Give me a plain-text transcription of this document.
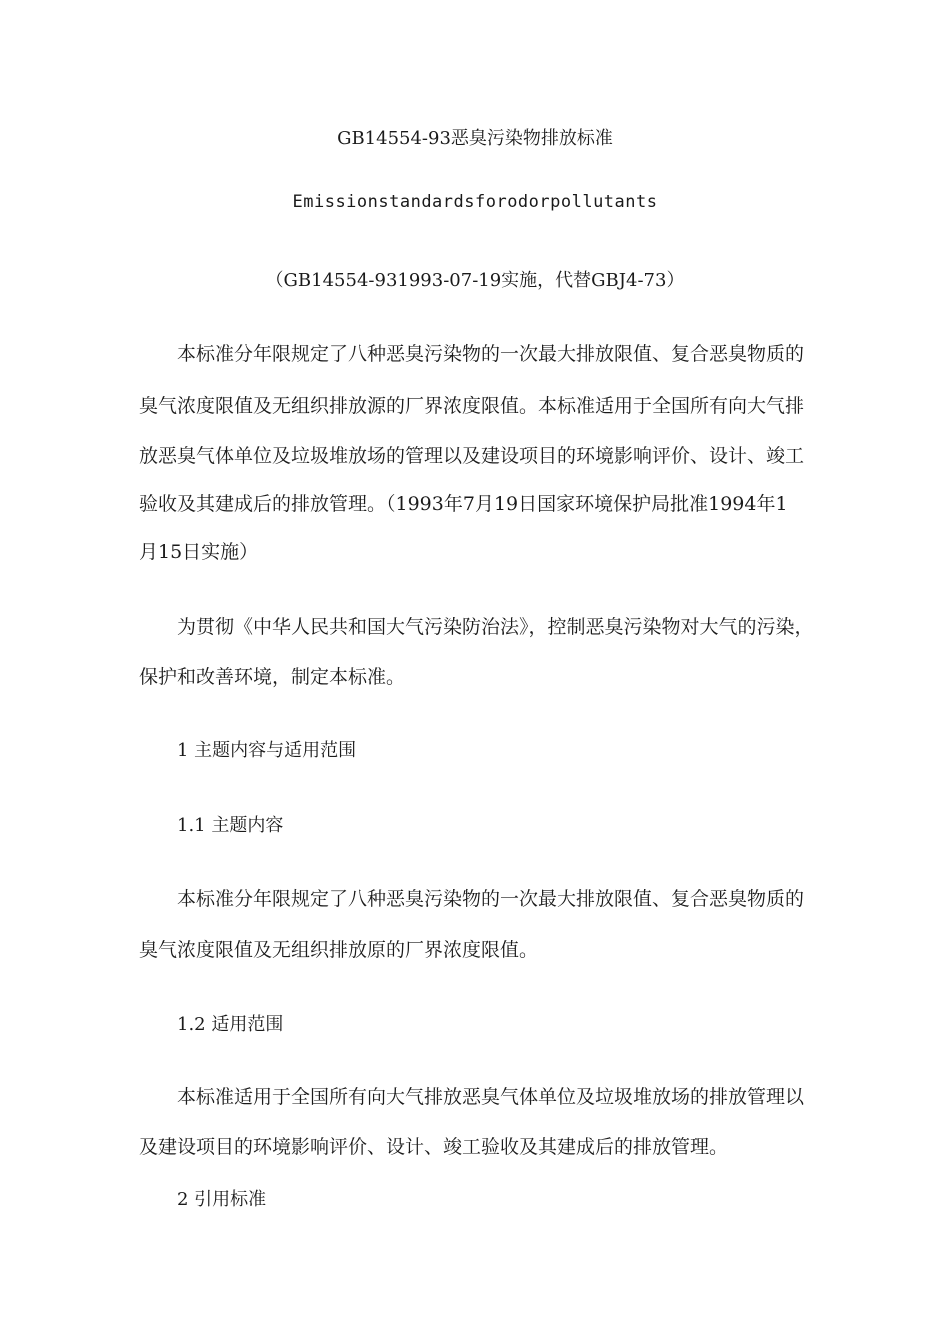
GB14554-93恶臭污染物排放标准
Emissionstandardsforodorpollutants
（GB14554-931993-07-19实施，代替GBJ4-73）
本标准分年限规定了八种恶臭污染物的一次最大排放限值、复合恶臭物质的
臭气浓度限值及无组织排放源的厂界浓度限值。本标准适用于全国所有向大气排
放恶臭气体单位及垃圾堆放场的管理以及建设项目的环境影响评价、设计、竣工
验收及其建成后的排放管理。（1993年7月19日国家环境保护局批准1994年1
月15日实施）
为贯彻《中华人民共和国大气污染防治法》，控制恶臭污染物对大气的污染，
保护和改善环境，制定本标准。
1 主题内容与适用范围
1.1 主题内容
本标准分年限规定了八种恶臭污染物的一次最大排放限值、复合恶臭物质的
臭气浓度限值及无组织排放原的厂界浓度限值。
1.2 适用范围
本标准适用于全国所有向大气排放恶臭气体单位及垃圾堆放场的排放管理以
及建设项目的环境影响评价、设计、竣工验收及其建成后的排放管理。
2 引用标准
